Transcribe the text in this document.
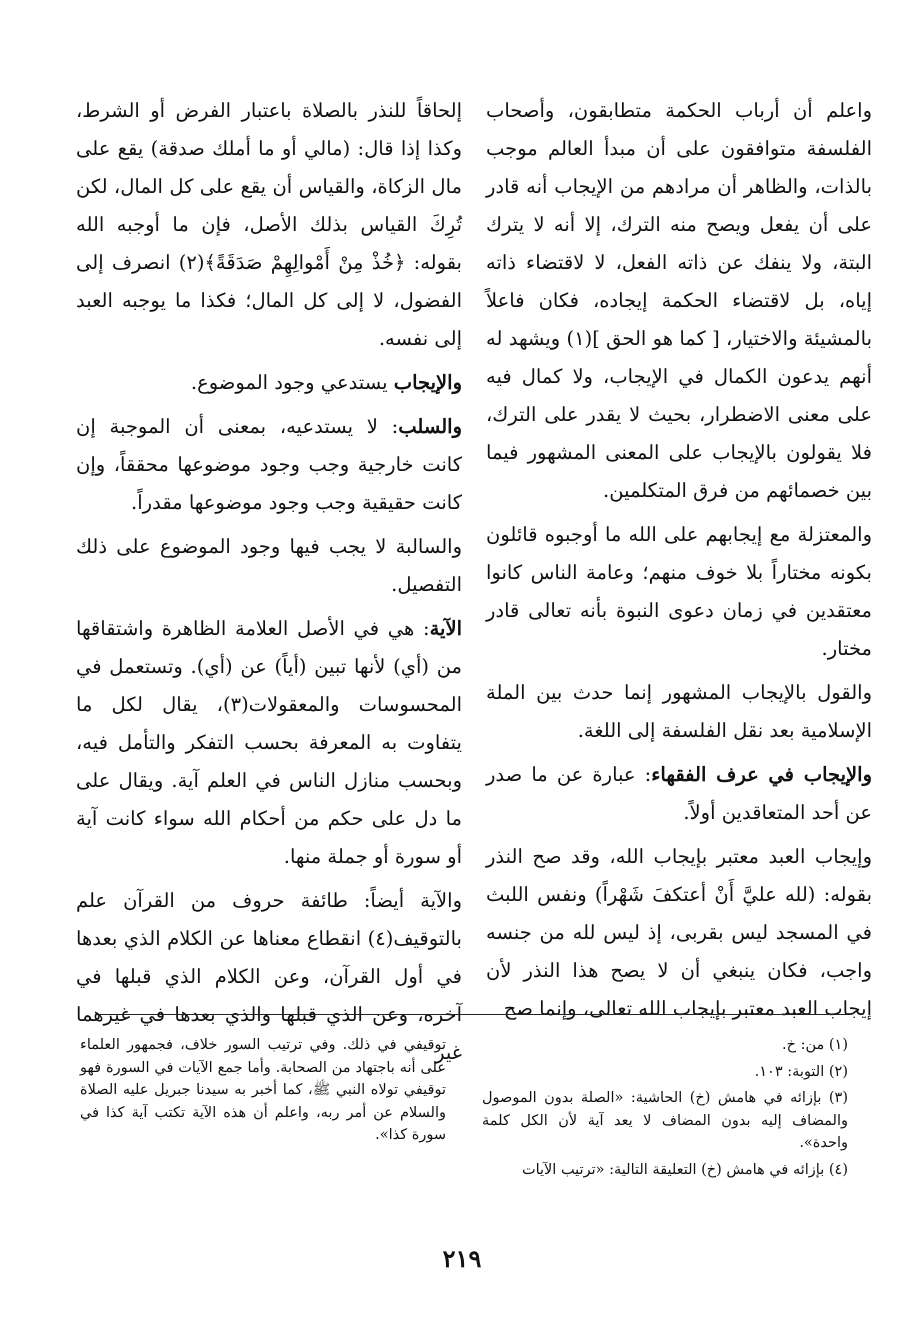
واعلم أن أرباب الحكمة متطابقون، وأصحاب الفلسفة متوافقون على أن مبدأ العالم موجب بالذات، والظاهر أن مرادهم من الإيجاب أنه قادر على أن يفعل ويصح منه الترك، إلا أنه لا يترك البتة، ولا ينفك عن ذاته الفعل، لا لاقتضاء ذاته إياه، بل لاقتضاء الحكمة إيجاده، فكان فاعلاً بالمشيئة والاختيار، [ كما هو الحق ](١) ويشهد له أنهم يدعون الكمال في الإيجاب، ولا كمال فيه على معنى الاضطرار، بحيث لا يقدر على الترك، فلا يقولون بالإيجاب على المعنى المشهور فيما بين خصمائهم من فرق المتكلمين.

والمعتزلة مع إيجابهم على الله ما أوجبوه قائلون بكونه مختاراً بلا خوف منهم؛ وعامة الناس كانوا معتقدين في زمان دعوى النبوة بأنه تعالى قادر مختار.

والقول بالإيجاب المشهور إنما حدث بين الملة الإسلامية بعد نقل الفلسفة إلى اللغة.

والإيجاب في عرف الفقهاء: عبارة عن ما صدر عن أحد المتعاقدين أولاً.

وإيجاب العبد معتبر بإيجاب الله، وقد صح النذر بقوله: (لله عليَّ أَنْ أعتكفَ شَهْراً) ونفس اللبث في المسجد ليس بقربى، إذ ليس لله من جنسه واجب، فكان ينبغي أن لا يصح هذا النذر لأن إيجاب العبد معتبر بإيجاب الله تعالى، وإنما صح

إلحاقاً للنذر بالصلاة باعتبار الفرض أو الشرط، وكذا إذا قال: (مالي أو ما أملك صدقة) يقع على مال الزكاة، والقياس أن يقع على كل المال، لكن تُرِكَ القياس بذلك الأصل، فإن ما أوجبه الله بقوله: ﴿خُذْ مِنْ أَمْوالِهِمْ صَدَقَةً﴾(٢) انصرف إلى الفضول، لا إلى كل المال؛ فكذا ما يوجبه العبد إلى نفسه.

والإيجاب يستدعي وجود الموضوع.

والسلب: لا يستدعيه، بمعنى أن الموجبة إن كانت خارجية وجب وجود موضوعها محققاً، وإن كانت حقيقية وجب وجود موضوعها مقدراً.

والسالبة لا يجب فيها وجود الموضوع على ذلك التفصيل.

الآية: هي في الأصل العلامة الظاهرة واشتقاقها من (أي) لأنها تبين (أياً) عن (أي). وتستعمل في المحسوسات والمعقولات(٣)، يقال لكل ما يتفاوت به المعرفة بحسب التفكر والتأمل فيه، وبحسب منازل الناس في العلم آية. ويقال على ما دل على حكم من أحكام الله سواء كانت آية أو سورة أو جملة منها.

والآية أيضاً: طائفة حروف من القرآن علم بالتوقيف(٤) انقطاع معناها عن الكلام الذي بعدها في أول القرآن، وعن الكلام الذي قبلها في آخره، وعن الذي قبلها والذي بعدها في غيرهما غير	(١) من: خ.

(٢) التوبة: ١٠٣.

(٣) بإزائه في هامش (خ) الحاشية: «الصلة بدون الموصول والمضاف إليه بدون المضاف لا يعد آية لأن الكل كلمة واحدة».

(٤) بإزائه في هامش (خ) التعليقة التالية: «ترتيب الآيات

توقيفي في ذلك. وفي ترتيب السور خلاف، فجمهور العلماء على أنه باجتهاد من الصحابة. وأما جمع الآيات في السورة فهو توقيفي تولاه النبي ﷺ، كما أخبر به سيدنا جبريل عليه الصلاة والسلام عن أمر ربه، واعلم أن هذه الآية تكتب آية كذا في سورة كذا».

٢١٩
